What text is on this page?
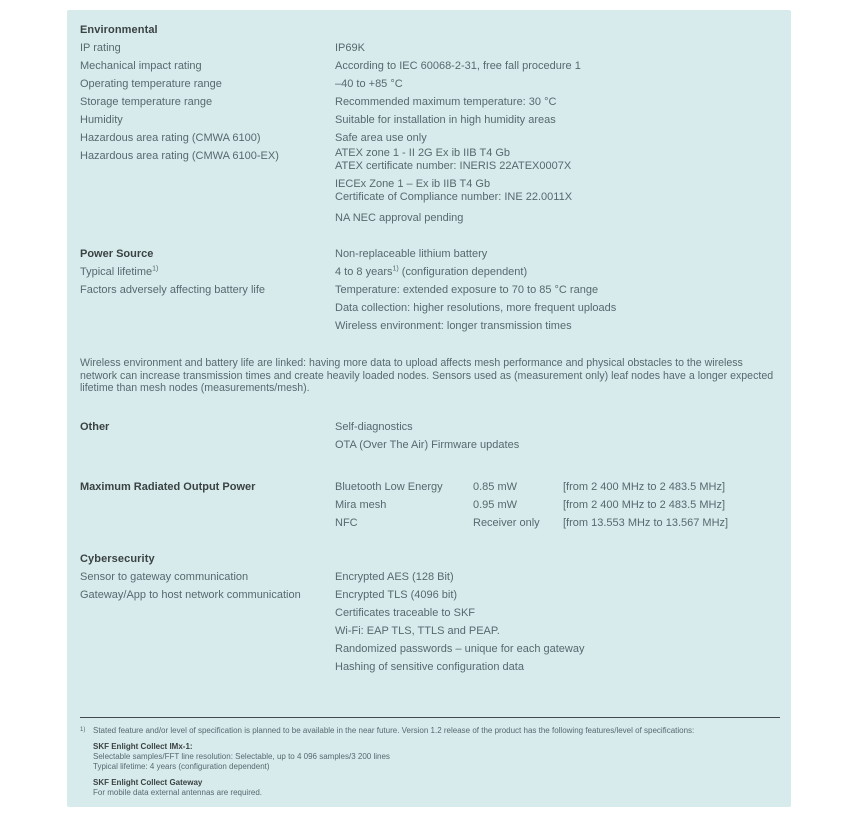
Environmental
IP rating	IP69K
Mechanical impact rating	According to IEC 60068-2-31, free fall procedure 1
Operating temperature range	–40 to +85 °C
Storage temperature range	Recommended maximum temperature: 30 °C
Humidity	Suitable for installation in high humidity areas
Hazardous area rating (CMWA 6100)	Safe area use only
Hazardous area rating (CMWA 6100-EX)	ATEX zone 1 - II 2G Ex ib IIB T4 Gb
ATEX certificate number: INERIS 22ATEX0007X
IECEx Zone 1 – Ex ib IIB T4 Gb
Certificate of Compliance number: INE 22.0011X
NA NEC approval pending
Power Source	Non-replaceable lithium battery
Typical lifetime$^{1)}$	4 to 8 years$^{1)}$ (configuration dependent)
Factors adversely affecting battery life	Temperature: extended exposure to 70 to 85 °C range
Data collection: higher resolutions, more frequent uploads
Wireless environment: longer transmission times
Wireless environment and battery life are linked: having more data to upload affects mesh performance and physical obstacles to the wireless network can increase transmission times and create heavily loaded nodes. Sensors used as (measurement only) leaf nodes have a longer expected lifetime than mesh nodes (measurements/mesh).
Other	Self-diagnostics
OTA (Over The Air) Firmware updates
Maximum Radiated Output Power	Bluetooth Low Energy	0.85 mW	[from 2 400 MHz to 2 483.5 MHz]
Mira mesh	0.95 mW	[from 2 400 MHz to 2 483.5 MHz]
NFC	Receiver only	[from 13.553 MHz to 13.567 MHz]
Cybersecurity
Sensor to gateway communication	Encrypted AES (128 Bit)
Gateway/App to host network communication	Encrypted TLS (4096 bit)
Certificates traceable to SKF
Wi-Fi: EAP TLS, TTLS and PEAP.
Randomized passwords – unique for each gateway
Hashing of sensitive configuration data
1) Stated feature and/or level of specification is planned to be available in the near future. Version 1.2 release of the product has the following features/level of specifications:
SKF Enlight Collect IMx-1:
Selectable samples/FFT line resolution: Selectable, up to 4 096 samples/3 200 lines
Typical lifetime: 4 years (configuration dependent)
SKF Enlight Collect Gateway
For mobile data external antennas are required.
